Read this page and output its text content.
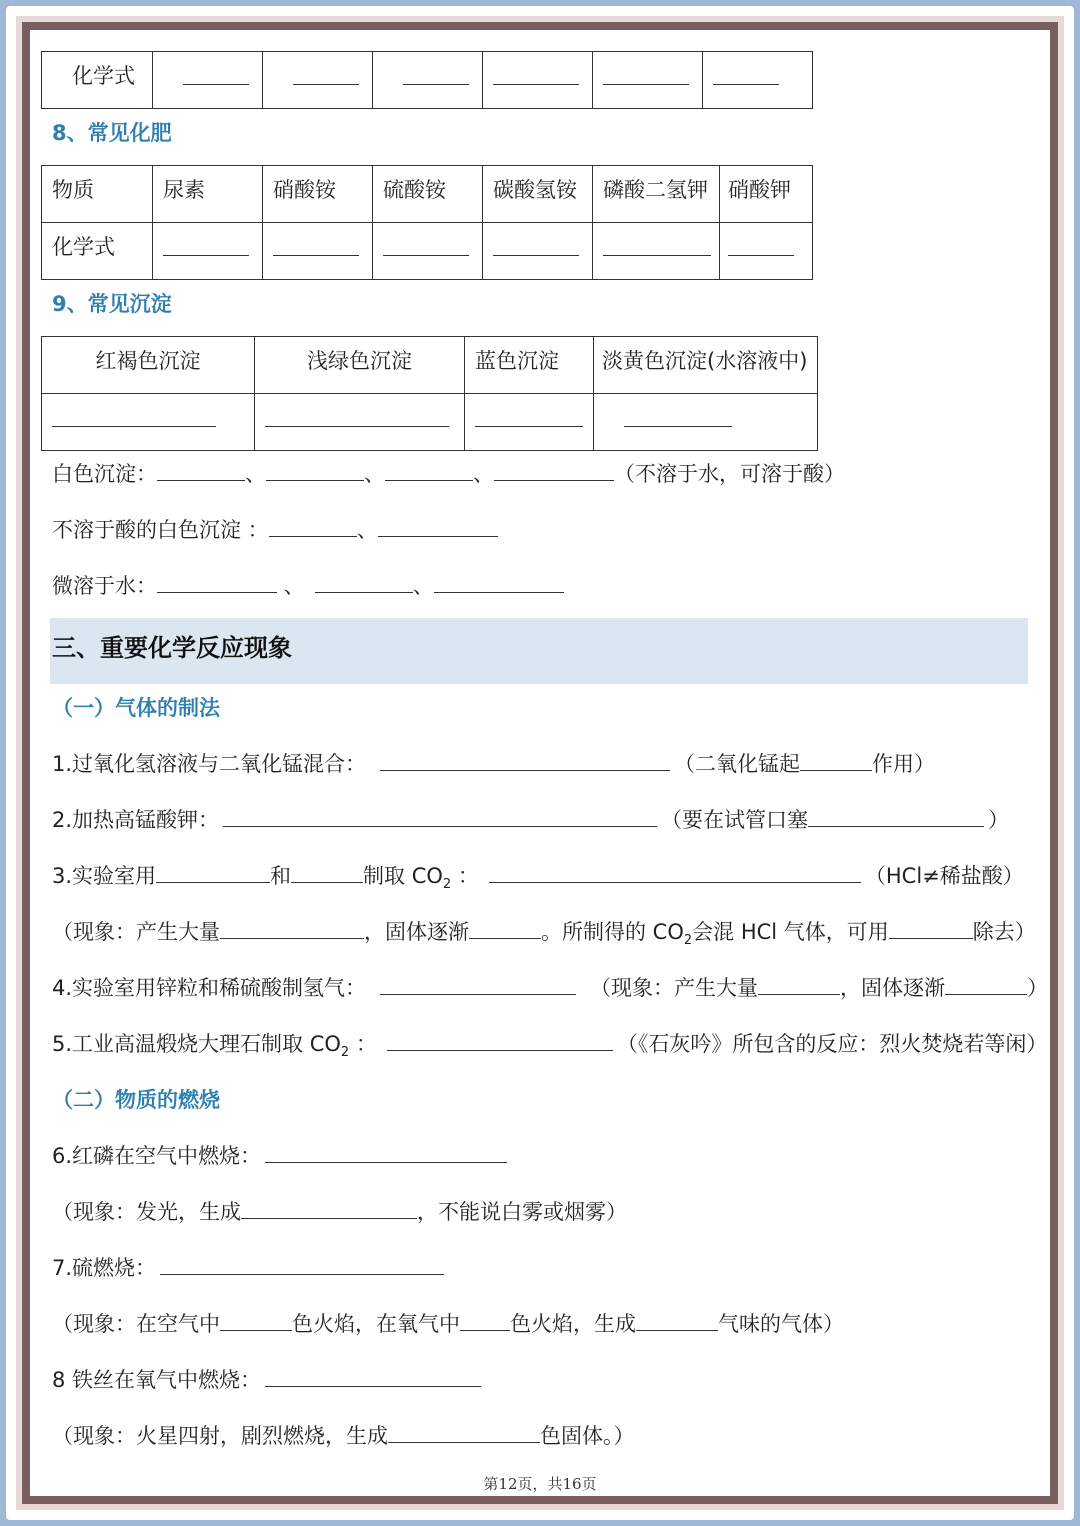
化学式	

8、常见化肥
物质	尿素	硝酸铵	硫酸铵	碳酸氢铵	磷酸二氢钾	硝酸钾
化学式	

9、常见沉淀
红褐色沉淀	浅绿色沉淀	蓝色沉淀	淡黄色沉淀(水溶液中)

白色沉淀：	、	、	、	（不溶于水，可溶于酸）
不溶于酸的白色沉淀 ：	、
微溶于水：	、	、
三、重要化学反应现象
（一）气体的制法
1.过氧化氢溶液与二氧化锰混合：	（二氧化锰起	作用）
2.加热高锰酸钾：	（要在试管口塞	）
3.实验室用	和	制取 $CO_2$ ：	（HCl≠稀盐酸）
（现象：产生大量	，固体逐渐	。所制得的 $CO_2$会混 HCl 气体，可用	除去）
4.实验室用锌粒和稀硫酸制氢气：	（现象：产生大量	，固体逐渐	）
5.工业高温煅烧大理石制取 $CO_2$ ：	（《石灰吟》所包含的反应：烈火焚烧若等闲）
（二）物质的燃烧
6.红磷在空气中燃烧：
（现象：发光，生成	，不能说白雾或烟雾）
7.硫燃烧：
（现象：在空气中	色火焰，在氧气中 色火焰，生成	气味的气体）
8 铁丝在氧气中燃烧：
（现象：火星四射，剧烈燃烧，生成	色固体。）
第12页，共16页
